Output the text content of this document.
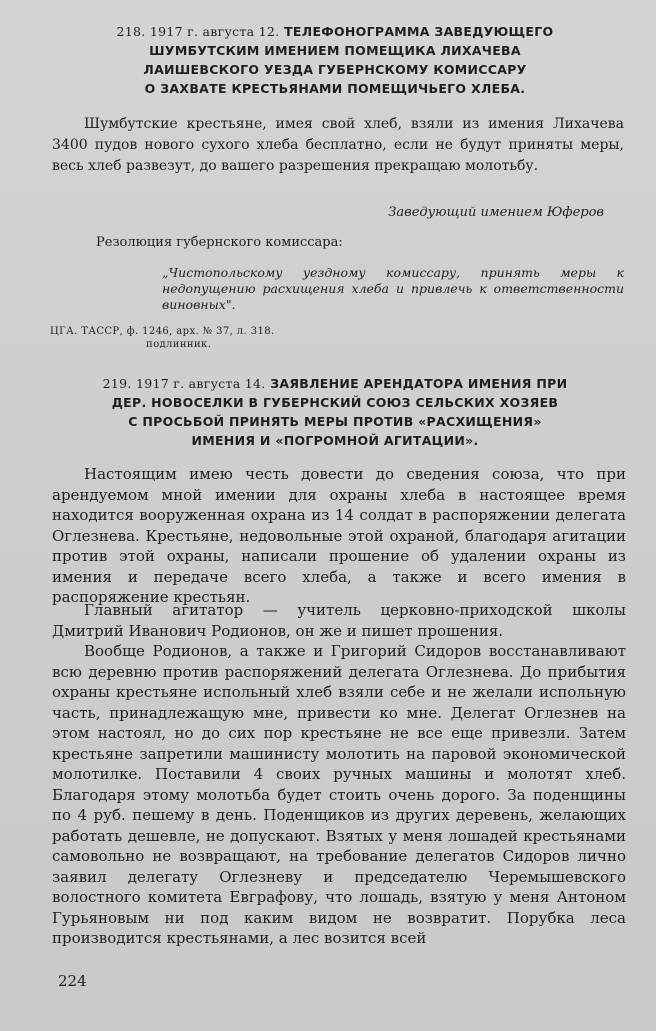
218. 1917 г. августа 12. ТЕЛЕФОНОГРАММА ЗАВЕДУЮЩЕГО
ШУМБУТСКИМ ИМЕНИЕМ ПОМЕЩИКА ЛИХАЧЕВА
ЛАИШЕВСКОГО УЕЗДА ГУБЕРНСКОМУ КОМИССАРУ
О ЗАХВАТЕ КРЕСТЬЯНАМИ ПОМЕЩИЧЬЕГО ХЛЕБА.

Шумбутские крестьяне, имея свой хлеб, взяли из имения Лихачева 3400 пудов нового сухого хлеба бесплатно, если не будут приняты меры, весь хлеб развезут, до вашего разрешения прекращаю молотьбу.

Заведующий имением Юферов
Резолюция губернского комиссара:

„Чистопольскому уездному комиссару, принять меры к недопущению расхищения хлеба и привлечь к ответственности виновных".

ЦГА. ТАССР, ф. 1246, арх. № 37, л. 318.
подлинник.
219. 1917 г. августа 14. ЗАЯВЛЕНИЕ АРЕНДАТОРА ИМЕНИЯ ПРИ
ДЕР. НОВОСЕЛКИ В ГУБЕРНСКИЙ СОЮЗ СЕЛЬСКИХ ХОЗЯЕВ
С ПРОСЬБОЙ ПРИНЯТЬ МЕРЫ ПРОТИВ «РАСХИЩЕНИЯ»
ИМЕНИЯ И «ПОГРОМНОЙ АГИТАЦИИ».

Настоящим имею честь довести до сведения союза, что при арендуемом мной имении для охраны хлеба в настоящее время находится вооруженная охрана из 14 солдат в распоряжении делегата Оглезнева. Крестьяне, недовольные этой охраной, благодаря агитации против этой охраны, написали прошение об удалении охраны из имения и передаче всего хлеба, а также и всего имения в распоряжение крестьян.

Главный агитатор — учитель церковно-приходской школы Дмитрий Иванович Родионов, он же и пишет прошения.

Вообще Родионов, а также и Григорий Сидоров восстанавливают всю деревню против распоряжений делегата Оглезнева. До прибытия охраны крестьяне испольный хлеб взяли себе и не желали испольную часть, принадлежащую мне, привести ко мне. Делегат Оглезнев на этом настоял, но до сих пор крестьяне не все еще привезли. Затем крестьяне запретили машинисту молотить на паровой экономической молотилке. Поставили 4 своих ручных машины и молотят хлеб. Благодаря этому молотьба будет стоить очень дорого. За поденщины по 4 руб. пешему в день. Поденщиков из других деревень, желающих работать дешевле, не допускают. Взятых у меня лошадей крестьянами самовольно не возвращают, на требование делегатов Сидоров лично заявил делегату Оглезневу и председателю Черемышевского волостного комитета Евграфову, что лошадь, взятую у меня Антоном Гурьяновым ни под каким видом не возвратит. Порубка леса производится крестьянами, а лес возится всей

224
